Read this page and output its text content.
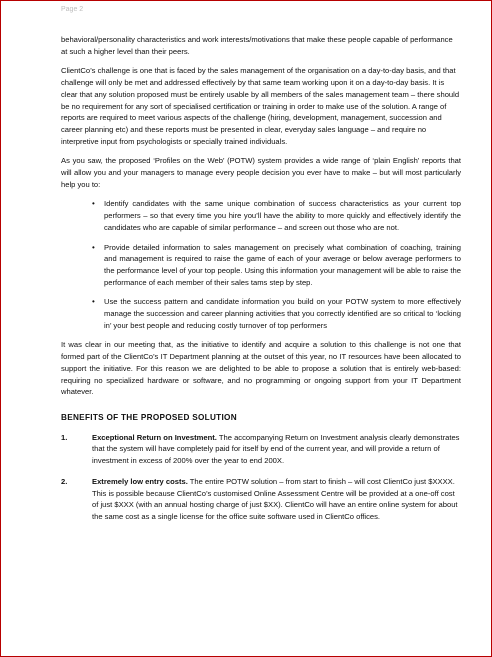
Page 2

behavioral/personality characteristics and work interests/motivations that make these people capable of performance at such a higher level than their peers.

ClientCo’s challenge is one that is faced by the sales management of the organisation on a day-to-day basis, and that challenge will only be met and addressed effectively by that same team working upon it on a day-to-day basis. It is clear that any solution proposed must be entirely usable by all members of the sales management team – there should be no requirement for any sort of specialised certification or training in order to make use of the solution. A range of reports are required to meet various aspects of the challenge (hiring, development, management, succession and career planning etc) and these reports must be presented in clear, everyday sales language – and require no interpretive input from psychologists or specially trained individuals.

As you saw, the proposed ‘Profiles on the Web’ (POTW) system provides a wide range of ‘plain English’ reports that will allow you and your managers to manage every people decision you ever have to make – but will most particularly help you to:

• Identify candidates with the same unique combination of success characteristics as your current top performers – so that every time you hire you’ll have the ability to more quickly and effectively identify the candidates who are capable of similar performance – and screen out those who are not.
• Provide detailed information to sales management on precisely what combination of coaching, training and management is required to raise the game of each of your average or below average performers to the performance level of your top people. Using this information your management will be able to raise the performance of each member of their sales tams step by step.
• Use the success pattern and candidate information you build on your POTW system to more effectively manage the succession and career planning activities that you correctly identified are so critical to ‘locking in’ your best people and reducing costly turnover of top performers

It was clear in our meeting that, as the initiative to identify and acquire a solution to this challenge is not one that formed part of the ClientCo’s IT Department planning at the outset of this year, no IT resources have been allocated to support the initiative. For this reason we are delighted to be able to propose a solution that is entirely web-based: requiring no specialized hardware or software, and no programming or ongoing support from your IT Department whatever.

BENEFITS OF THE PROPOSED SOLUTION
1.	Exceptional Return on Investment. The accompanying Return on Investment analysis clearly demonstrates that the system will have completely paid for itself by end of the current year, and will provide a return of investment in excess of 200% over the year to end 200X.
2.	Extremely low entry costs. The entire POTW solution – from start to finish – will cost ClientCo just $XXXX. This is possible because ClientCo’s customised Online Assessment Centre will be provided at a one-off cost of just $XXX (with an annual hosting charge of just $XX). ClientCo will have an entire online system for about the same cost as a single license for the office suite software used in ClientCo offices.
